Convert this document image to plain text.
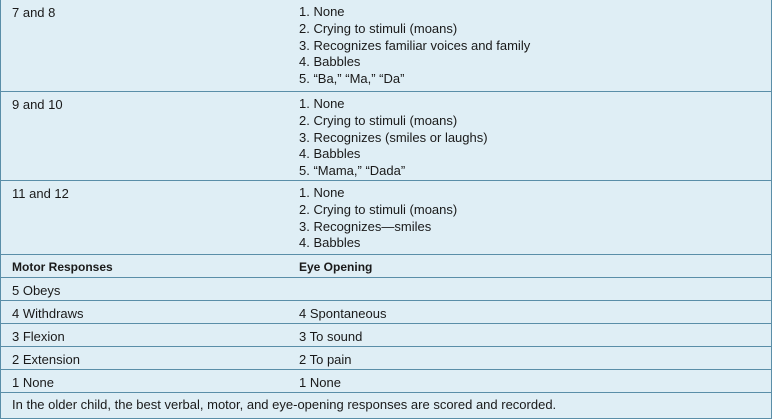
7 and 8	1. None
2. Crying to stimuli (moans)
3. Recognizes familiar voices and family
4. Babbles
5. “Ba,” “Ma,” “Da”
9 and 10	1. None
2. Crying to stimuli (moans)
3. Recognizes (smiles or laughs)
4. Babbles
5. “Mama,” “Dada”
11 and 12	1. None
2. Crying to stimuli (moans)
3. Recognizes—smiles
4. Babbles
Motor Responses	Eye Opening
5 Obeys
4 Withdraws	4 Spontaneous
3 Flexion	3 To sound
2 Extension	2 To pain
1 None	1 None
In the older child, the best verbal, motor, and eye-opening responses are scored and recorded.
